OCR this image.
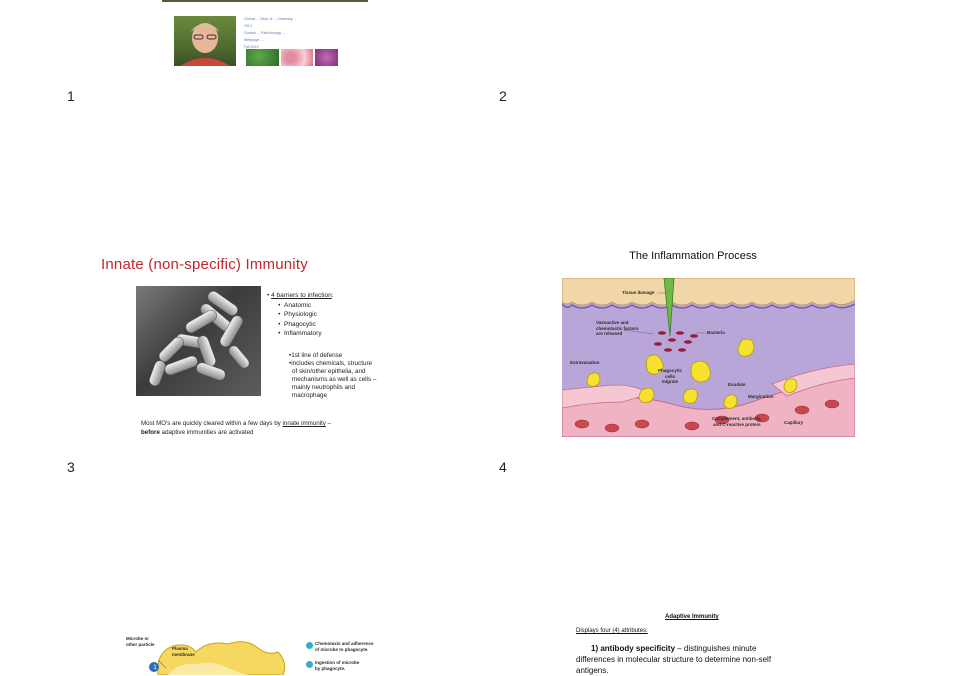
Clinical ... Dept. of ... University ...
2013
Contact ... Pathobiology ...
Webpage: ...
Fall 2013
1	2
3	4
Innate (non-specific) Immunity
• 4 barriers to infection:
• Anatomic
• Physiologic
• Phagocytic
• Inflammatory
•1st line of defense
•includes chemicals, structure
of skin/other epithelia, and
mechanisms as well as cells –
mainly neutrophils and
macrophage
Most MO's are quickly cleared within a few days by innate immunity –
before adaptive immunities are activated
The Inflammation Process
Tissue damage
Vasoactive and
chemotactic factors
are released	Bacteria
Extravasation
Phagocytic
cells
migrate
Exudate
Margination
Complement, antibody,
and C-reactive protein	Capillary
1
Microbe or
other particle
Plasma
membrane
Chemotaxis and adherence
of microbe to phagocyte.
Ingestion of microbe
by phagocyte.
Adaptive Immunity
Displays four (4) attributes:
1) antibody specificity – distinguishes minute
differences in molecular structure to determine non-self
antigens.
